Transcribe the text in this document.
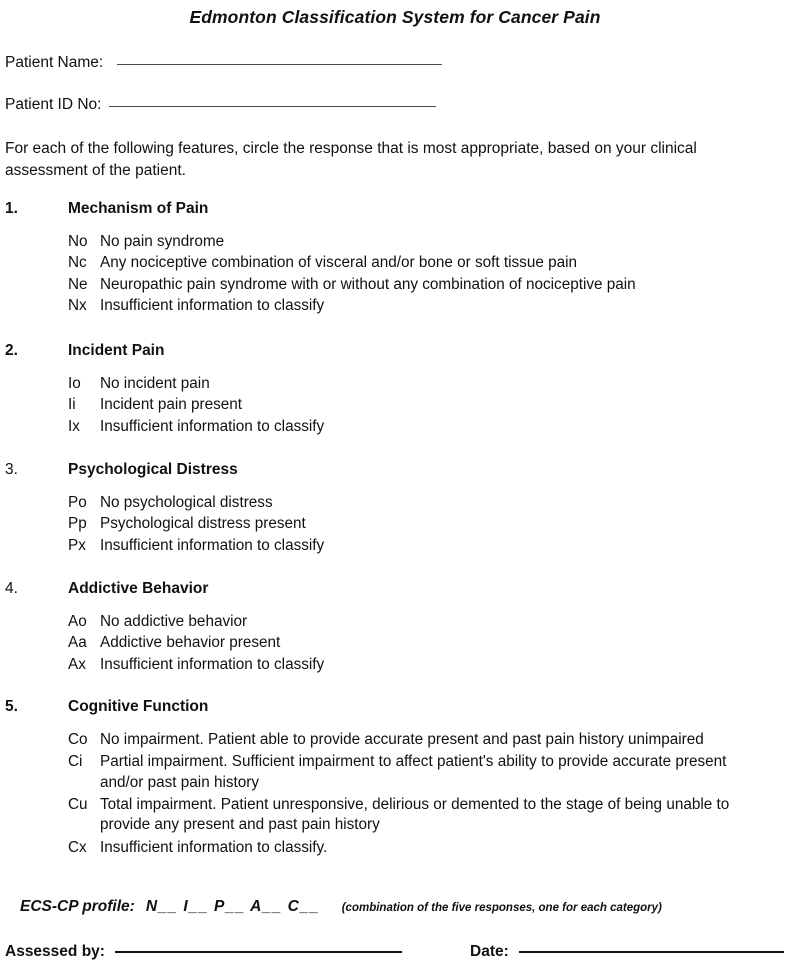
Edmonton Classification System for Cancer Pain
Patient Name:
Patient ID No:
For each of the following features, circle the response that is most appropriate, based on your clinical assessment of the patient.
1.	Mechanism of Pain
No No pain syndrome
Nc Any nociceptive combination of visceral and/or bone or soft tissue pain
Ne Neuropathic pain syndrome with or without any combination of nociceptive pain
Nx Insufficient information to classify
2.	Incident Pain
Io	No incident pain
Ii	Incident pain present
Ix	Insufficient information to classify
3.	Psychological Distress
Po No psychological distress
Pp Psychological distress present
Px Insufficient information to classify
4.	Addictive Behavior
Ao No addictive behavior
Aa Addictive behavior present
Ax Insufficient information to classify
5.	Cognitive Function
Co No impairment. Patient able to provide accurate present and past pain history unimpaired
Ci	Partial impairment. Sufficient impairment to affect patient's ability to provide accurate present and/or past pain history
Cu Total impairment. Patient unresponsive, delirious or demented to the stage of being unable to provide any present and past pain history
Cx Insufficient information to classify.
ECS-CP profile: N__ I__ P__ A__ C__ (combination of the five responses, one for each category)
Assessed by:	Date:
